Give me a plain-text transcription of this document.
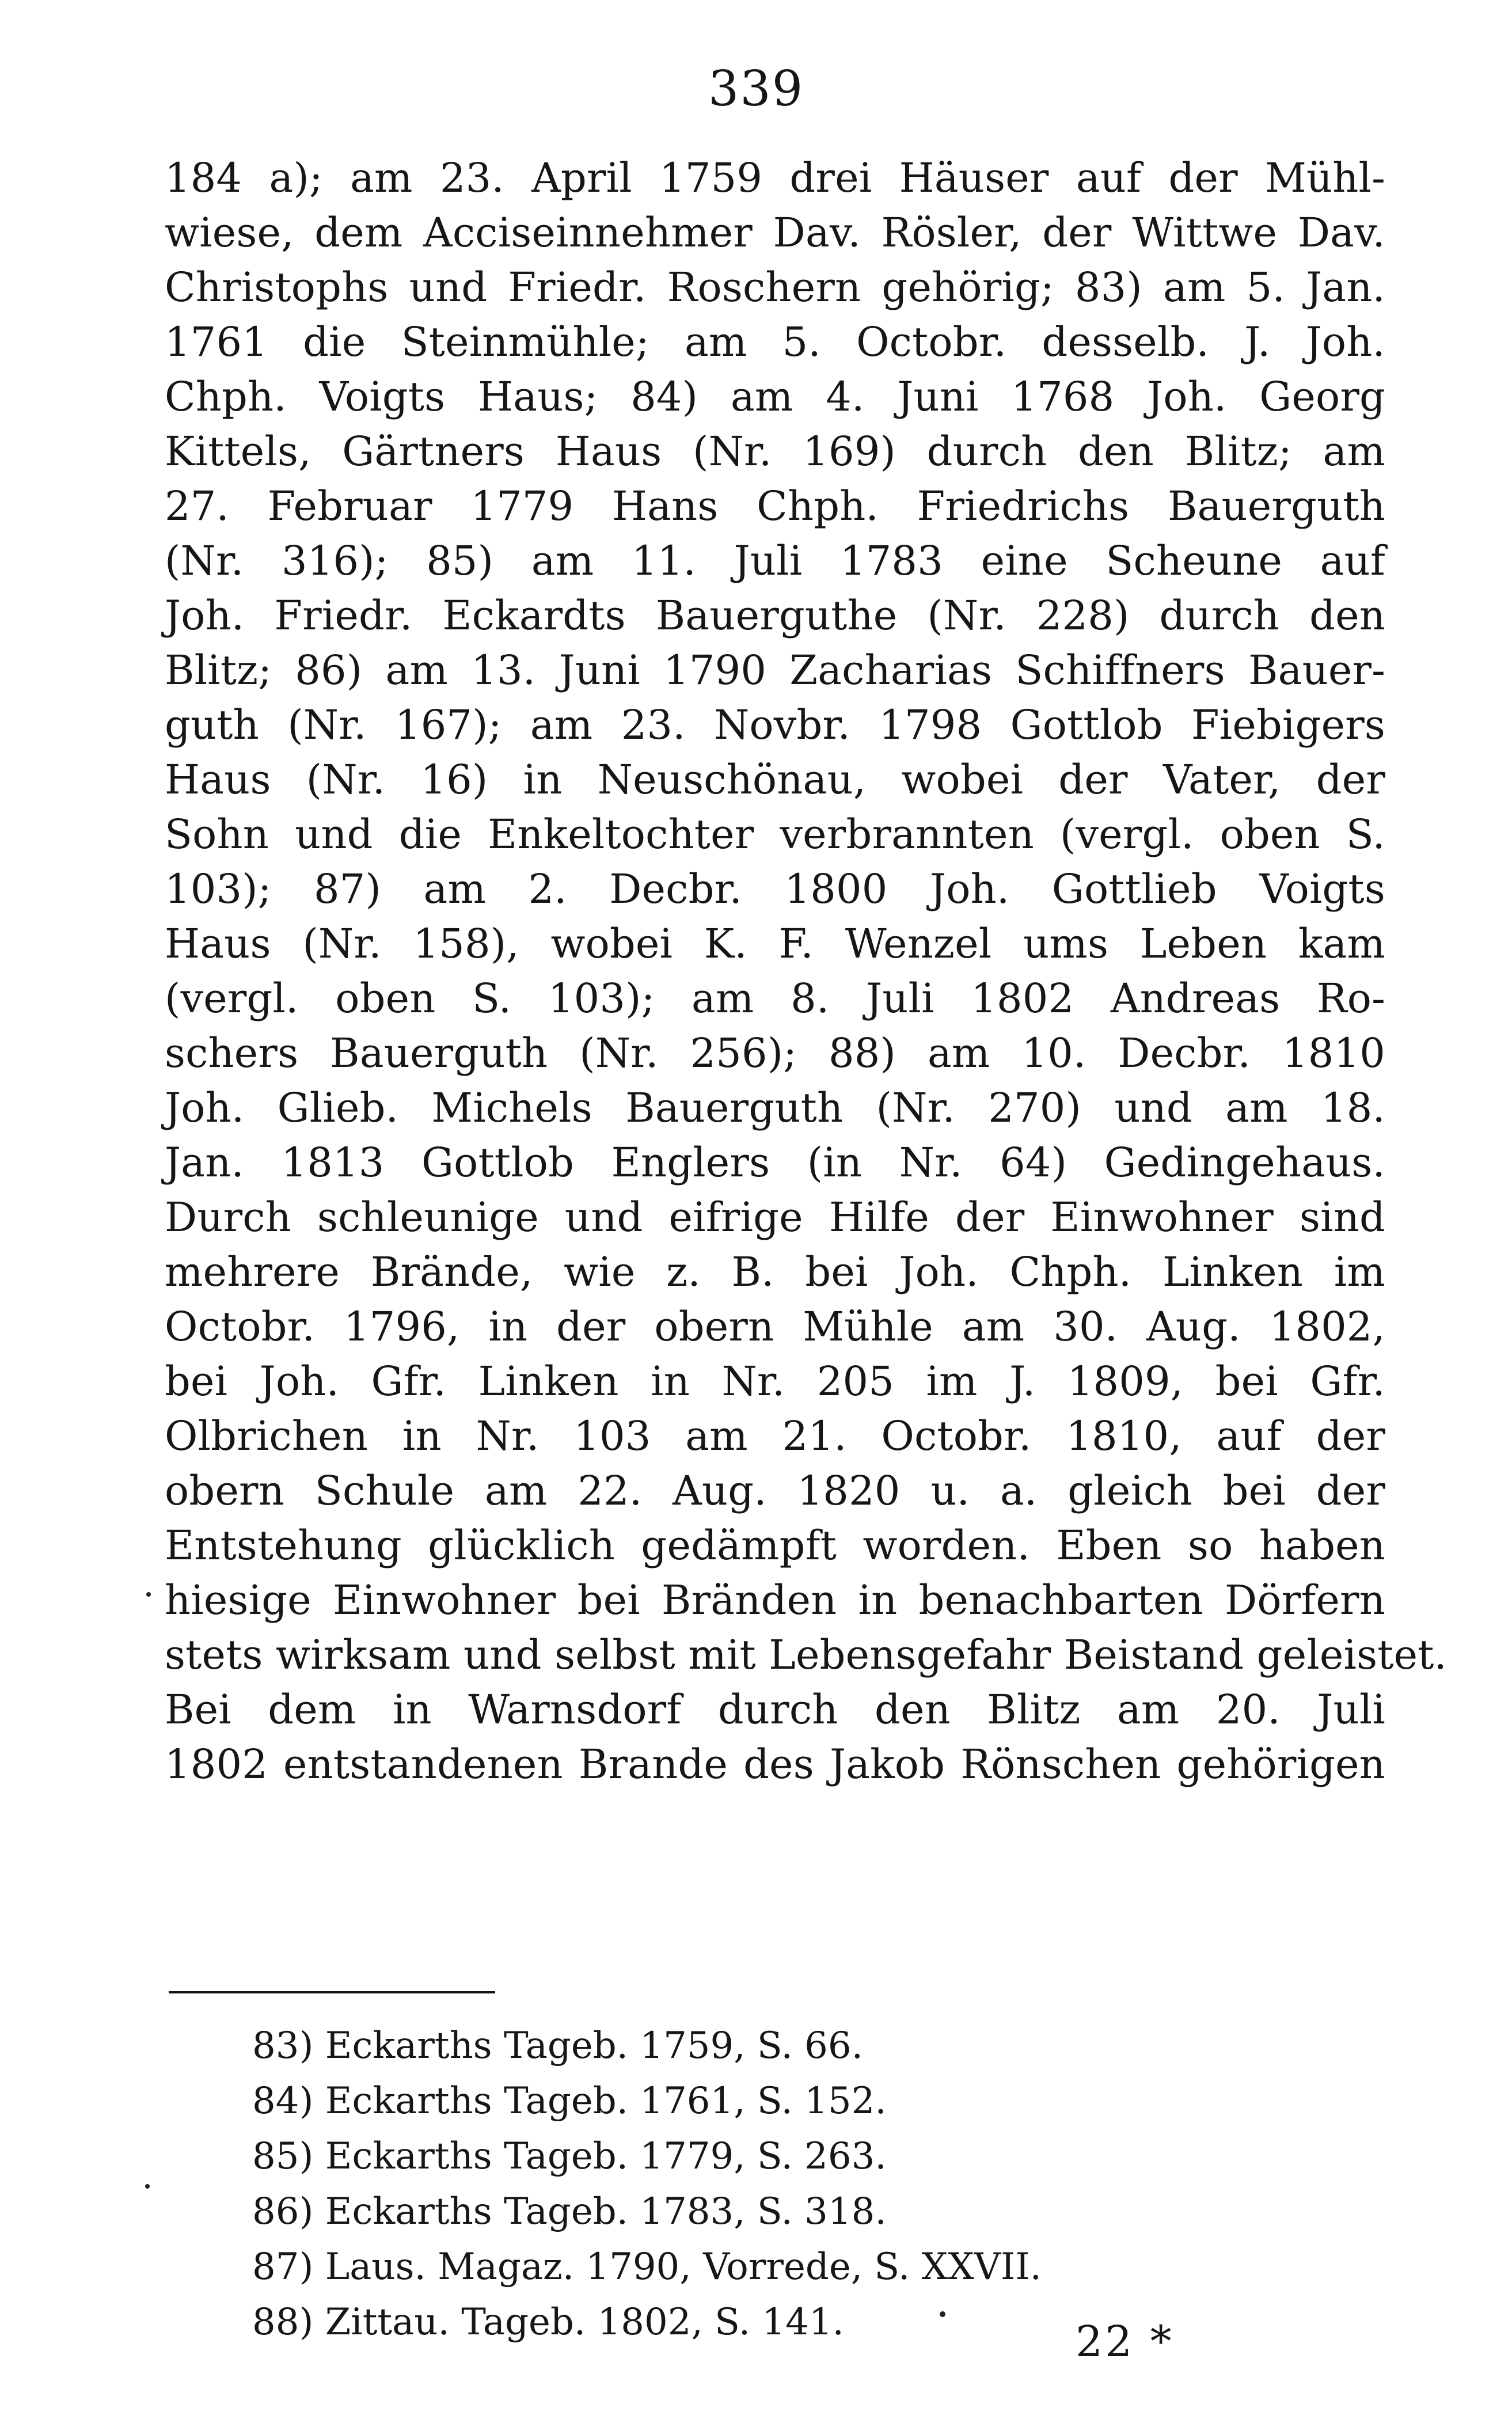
339
184 a); am 23. April 1759 drei Häuser auf der Mühl-
wiese, dem Acciseinnehmer Dav. Rösler, der Wittwe Dav.
Christophs und Friedr. Roschern gehörig; 83) am 5. Jan.
1761 die Steinmühle; am 5. Octobr. desselb. J. Joh.
Chph. Voigts Haus; 84) am 4. Juni 1768 Joh. Georg
Kittels, Gärtners Haus (Nr. 169) durch den Blitz; am
27. Februar 1779 Hans Chph. Friedrichs Bauerguth
(Nr. 316); 85) am 11. Juli 1783 eine Scheune auf
Joh. Friedr. Eckardts Bauerguthe (Nr. 228) durch den
Blitz; 86) am 13. Juni 1790 Zacharias Schiffners Bauer-
guth (Nr. 167); am 23. Novbr. 1798 Gottlob Fiebigers
Haus (Nr. 16) in Neuschönau, wobei der Vater, der
Sohn und die Enkeltochter verbrannten (vergl. oben S.
103); 87) am 2. Decbr. 1800 Joh. Gottlieb Voigts
Haus (Nr. 158), wobei K. F. Wenzel ums Leben kam
(vergl. oben S. 103); am 8. Juli 1802 Andreas Ro-
schers Bauerguth (Nr. 256); 88) am 10. Decbr. 1810
Joh. Glieb. Michels Bauerguth (Nr. 270) und am 18.
Jan. 1813 Gottlob Englers (in Nr. 64) Gedingehaus.
Durch schleunige und eifrige Hilfe der Einwohner sind
mehrere Brände, wie z. B. bei Joh. Chph. Linken im
Octobr. 1796, in der obern Mühle am 30. Aug. 1802,
bei Joh. Gfr. Linken in Nr. 205 im J. 1809, bei Gfr.
Olbrichen in Nr. 103 am 21. Octobr. 1810, auf der
obern Schule am 22. Aug. 1820 u. a. gleich bei der
Entstehung glücklich gedämpft worden. Eben so haben
hiesige Einwohner bei Bränden in benachbarten Dörfern
stets wirksam und selbst mit Lebensgefahr Beistand geleistet.
Bei dem in Warnsdorf durch den Blitz am 20. Juli
1802 entstandenen Brande des Jakob Rönschen gehörigen
83) Eckarths Tageb. 1759, S. 66.
84) Eckarths Tageb. 1761, S. 152.
85) Eckarths Tageb. 1779, S. 263.
86) Eckarths Tageb. 1783, S. 318.
87) Laus. Magaz. 1790, Vorrede, S. XXVII.
88) Zittau. Tageb. 1802, S. 141.	22 *
